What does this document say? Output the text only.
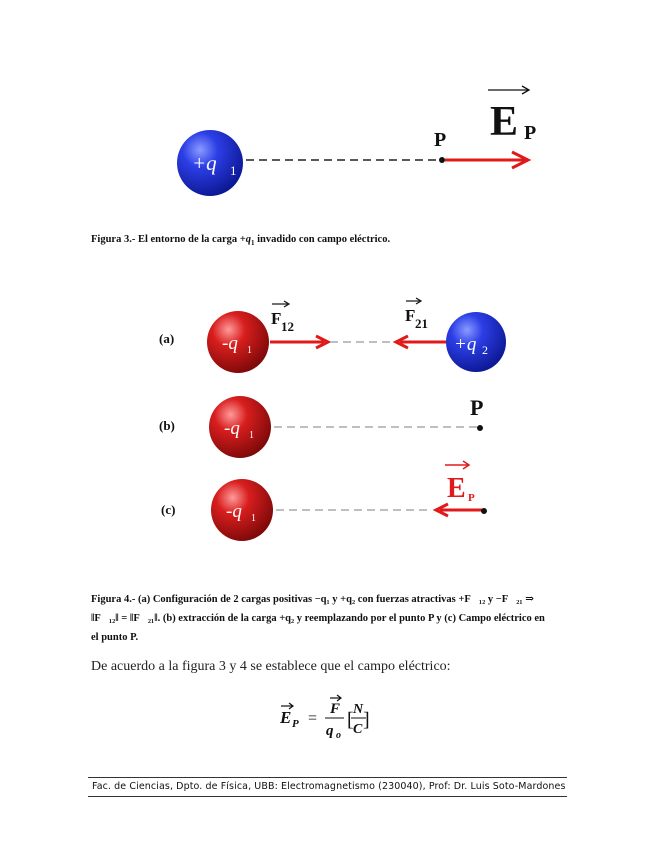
+q 1
P E P
Figura 3.- El entorno de la carga $+q_1$ invadido con campo eléctrico.
(a)	-q 1	+q 2
F 12
F 21
(b)	-q 1
P
(c)	-q 1
E P
Figura 4.- (a) Configuración de 2 cargas positivas −q₁ y +q₂ con fuerzas atractivas +F⃗₁₂ y −F⃗₂₁ ⇒
‖F⃗₁₂‖ = ‖F⃗₂₁‖. (b) extracción de la carga +q₂ y reemplazando por el punto P y (c) Campo eléctrico en
el punto P.
De acuerdo a la figura 3 y 4 se establece que el campo eléctrico:
E P =
F
q o
[ N
C ]
Fac. de Ciencias, Dpto. de Física, UBB: Electromagnetismo (230040), Prof: Dr. Luis Soto-Mardones
